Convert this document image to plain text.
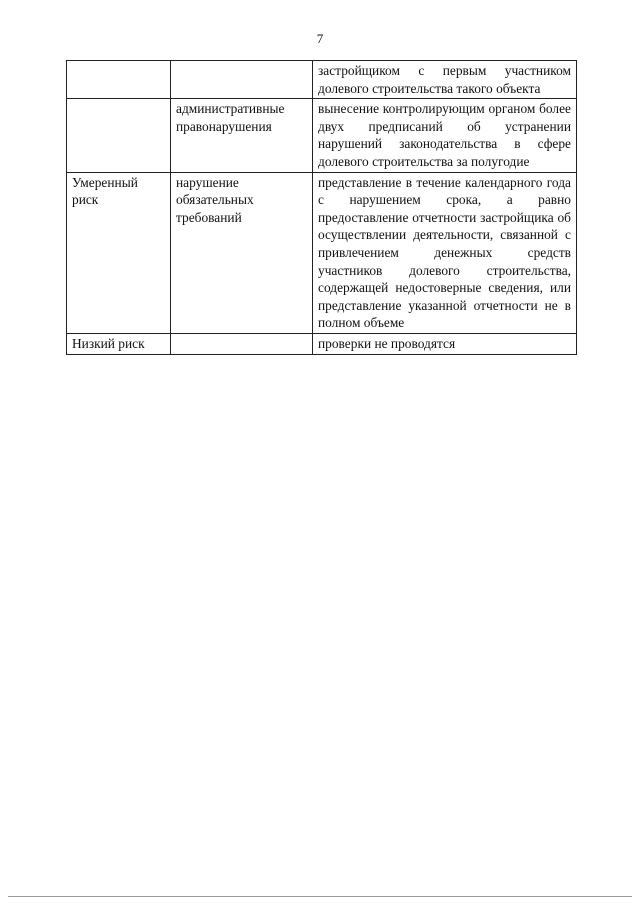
7
		застройщиком с первым участником долевого строительства такого объекта
	административные правонарушения	вынесение контролирующим органом более двух предписаний об устранении нарушений законодательства в сфере долевого строительства за полугодие
Умеренный риск	нарушение обязательных требований	представление в течение календарного года с нарушением срока, а равно предоставление отчетности застройщика об осуществлении деятельности, связанной с привлечением денежных средств участников долевого строительства, содержащей недостоверные сведения, или представление указанной отчетности не в полном объеме
Низкий риск		проверки не проводятся
